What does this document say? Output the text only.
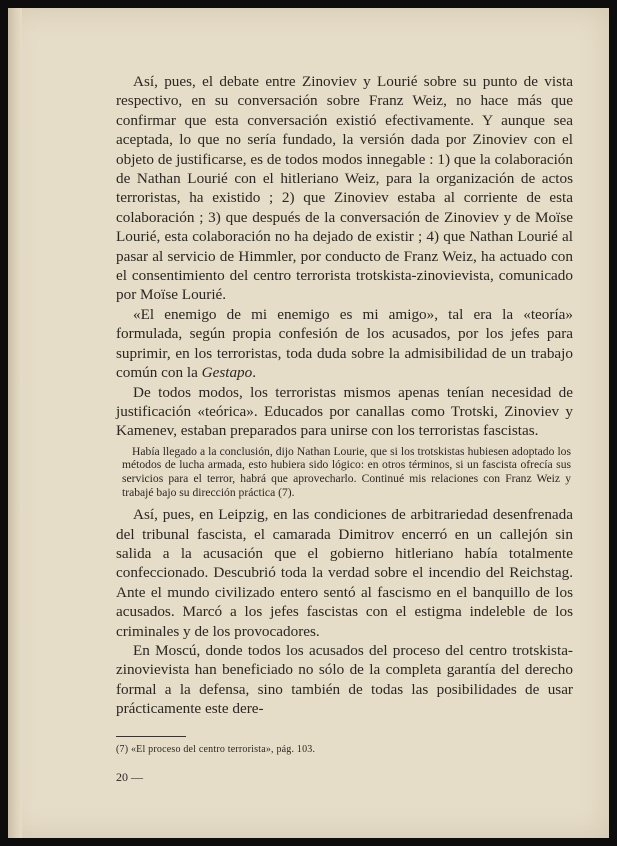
Así, pues, el debate entre Zinoviev y Lourié sobre su punto de vista respectivo, en su conversación sobre Franz Weiz, no hace más que confirmar que esta conversación existió efectivamente. Y aunque sea aceptada, lo que no sería fundado, la versión dada por Zinoviev con el objeto de justificarse, es de todos modos innegable : 1) que la colaboración de Nathan Lourié con el hitleriano Weiz, para la organización de actos terroristas, ha existido ; 2) que Zinoviev estaba al corriente de esta colaboración ; 3) que después de la conversación de Zinoviev y de Moïse Lourié, esta colaboración no ha dejado de existir ; 4) que Nathan Lourié al pasar al servicio de Himmler, por conducto de Franz Weiz, ha actuado con el consentimiento del centro terrorista trotskista-zinovievista, comunicado por Moïse Lourié.

«El enemigo de mi enemigo es mi amigo», tal era la «teoría» formulada, según propia confesión de los acusados, por los jefes para suprimir, en los terroristas, toda duda sobre la admisibilidad de un trabajo común con la Gestapo.

De todos modos, los terroristas mismos apenas tenían necesidad de justificación «teórica». Educados por canallas como Trotski, Zinoviev y Kamenev, estaban preparados para unirse con los terroristas fascistas.

Había llegado a la conclusión, dijo Nathan Lourie, que si los trotskistas hubiesen adoptado los métodos de lucha armada, esto hubiera sido lógico: en otros términos, si un fascista ofrecía sus servicios para el terror, habrá que aprovecharlo. Continué mis relaciones con Franz Weiz y trabajé bajo su dirección práctica (7).

Así, pues, en Leipzig, en las condiciones de arbitrariedad desenfrenada del tribunal fascista, el camarada Dimitrov encerró en un callejón sin salida a la acusación que el gobierno hitleriano había totalmente confeccionado. Descubrió toda la verdad sobre el incendio del Reichstag. Ante el mundo civilizado entero sentó al fascismo en el banquillo de los acusados. Marcó a los jefes fascistas con el estigma indeleble de los criminales y de los provocadores.

En Moscú, donde todos los acusados del proceso del centro trotskista-zinovievista han beneficiado no sólo de la completa garantía del derecho formal a la defensa, sino también de todas las posibilidades de usar prácticamente este dere-

(7) «El proceso del centro terrorista», pág. 103.
20 —
